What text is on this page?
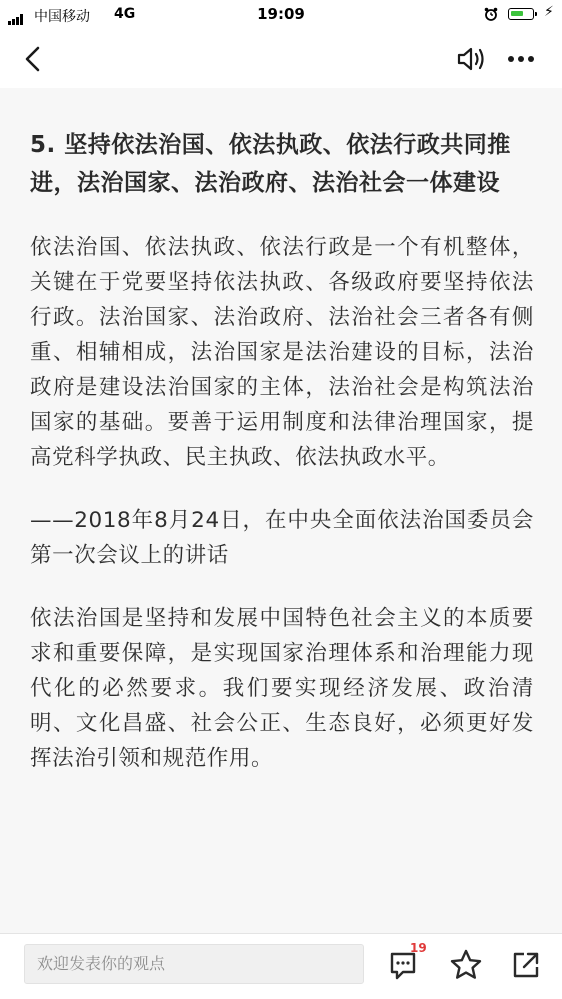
中国移动 4G	19:09	⚡
5. 坚持依法治国、依法执政、依法行政共同推进，法治国家、法治政府、法治社会一体建设

依法治国、依法执政、依法行政是一个有机整体，关键在于党要坚持依法执政、各级政府要坚持依法行政。法治国家、法治政府、法治社会三者各有侧重、相辅相成，法治国家是法治建设的目标，法治政府是建设法治国家的主体，法治社会是构筑法治国家的基础。要善于运用制度和法律治理国家，提高党科学执政、民主执政、依法执政水平。

——2018年8月24日，在中央全面依法治国委员会第一次会议上的讲话

依法治国是坚持和发展中国特色社会主义的本质要求和重要保障，是实现国家治理体系和治理能力现代化的必然要求。我们要实现经济发展、政治清明、文化昌盛、社会公正、生态良好，必须更好发挥法治引领和规范作用。

欢迎发表你的观点
19
